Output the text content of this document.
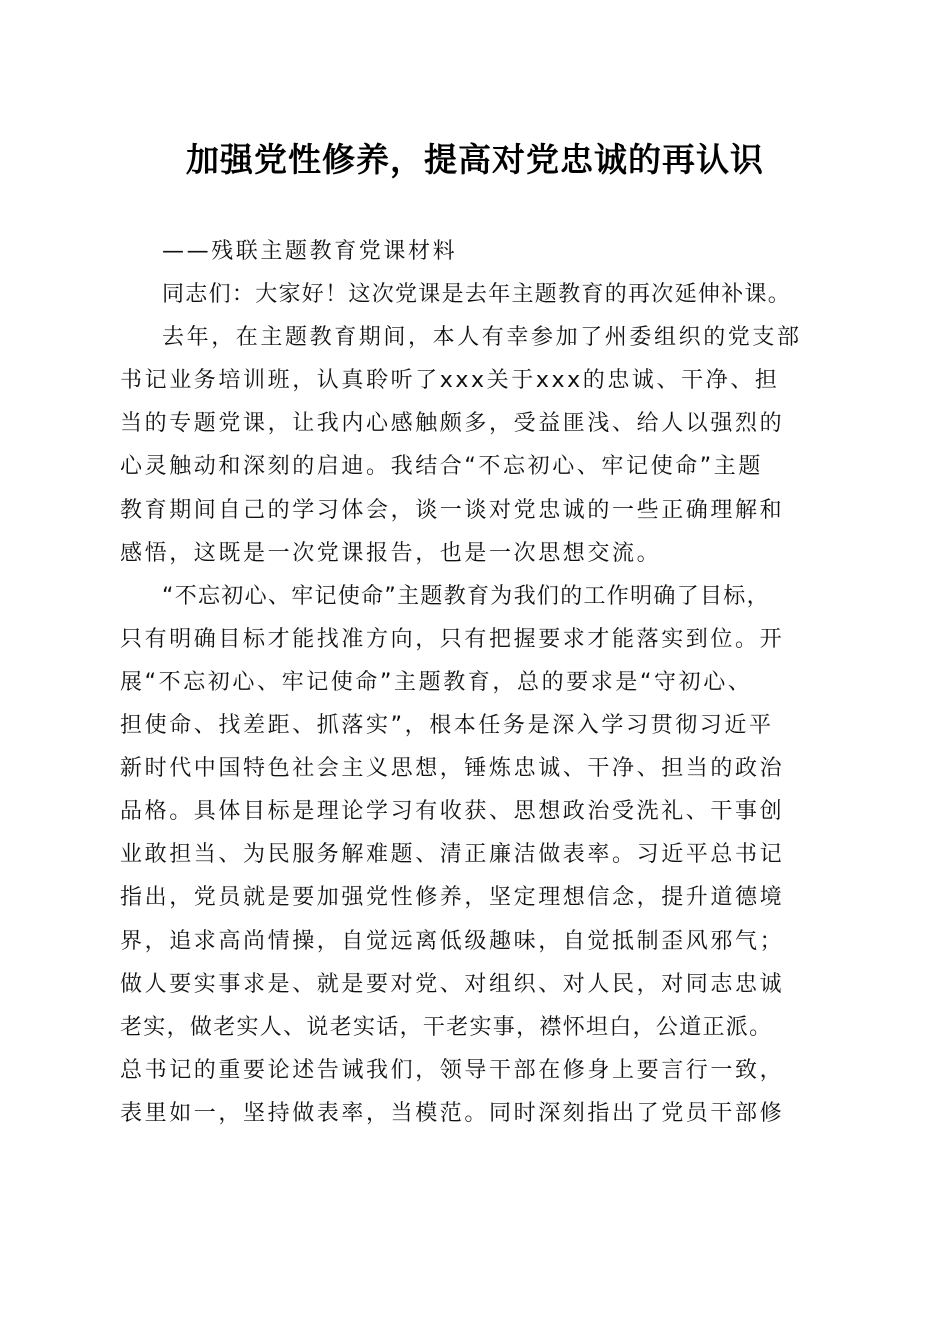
加强党性修养，提高对党忠诚的再认识
——残联主题教育党课材料
同志们：大家好！这次党课是去年主题教育的再次延伸补课。
去年，在主题教育期间，本人有幸参加了州委组织的党支部
书记业务培训班，认真聆听了xxx关于xxx的忠诚、干净、担
当的专题党课，让我内心感触颇多，受益匪浅、给人以强烈的
心灵触动和深刻的启迪。我结合“不忘初心、牢记使命”主题
教育期间自己的学习体会，谈一谈对党忠诚的一些正确理解和
感悟，这既是一次党课报告，也是一次思想交流。
“不忘初心、牢记使命”主题教育为我们的工作明确了目标，
只有明确目标才能找准方向，只有把握要求才能落实到位。开
展“不忘初心、牢记使命”主题教育，总的要求是“守初心、
担使命、找差距、抓落实”，根本任务是深入学习贯彻习近平
新时代中国特色社会主义思想，锤炼忠诚、干净、担当的政治
品格。具体目标是理论学习有收获、思想政治受洗礼、干事创
业敢担当、为民服务解难题、清正廉洁做表率。习近平总书记
指出，党员就是要加强党性修养，坚定理想信念，提升道德境
界，追求高尚情操，自觉远离低级趣味，自觉抵制歪风邪气；
做人要实事求是、就是要对党、对组织、对人民，对同志忠诚
老实，做老实人、说老实话，干老实事，襟怀坦白，公道正派。
总书记的重要论述告诫我们，领导干部在修身上要言行一致，
表里如一，坚持做表率，当模范。同时深刻指出了党员干部修
